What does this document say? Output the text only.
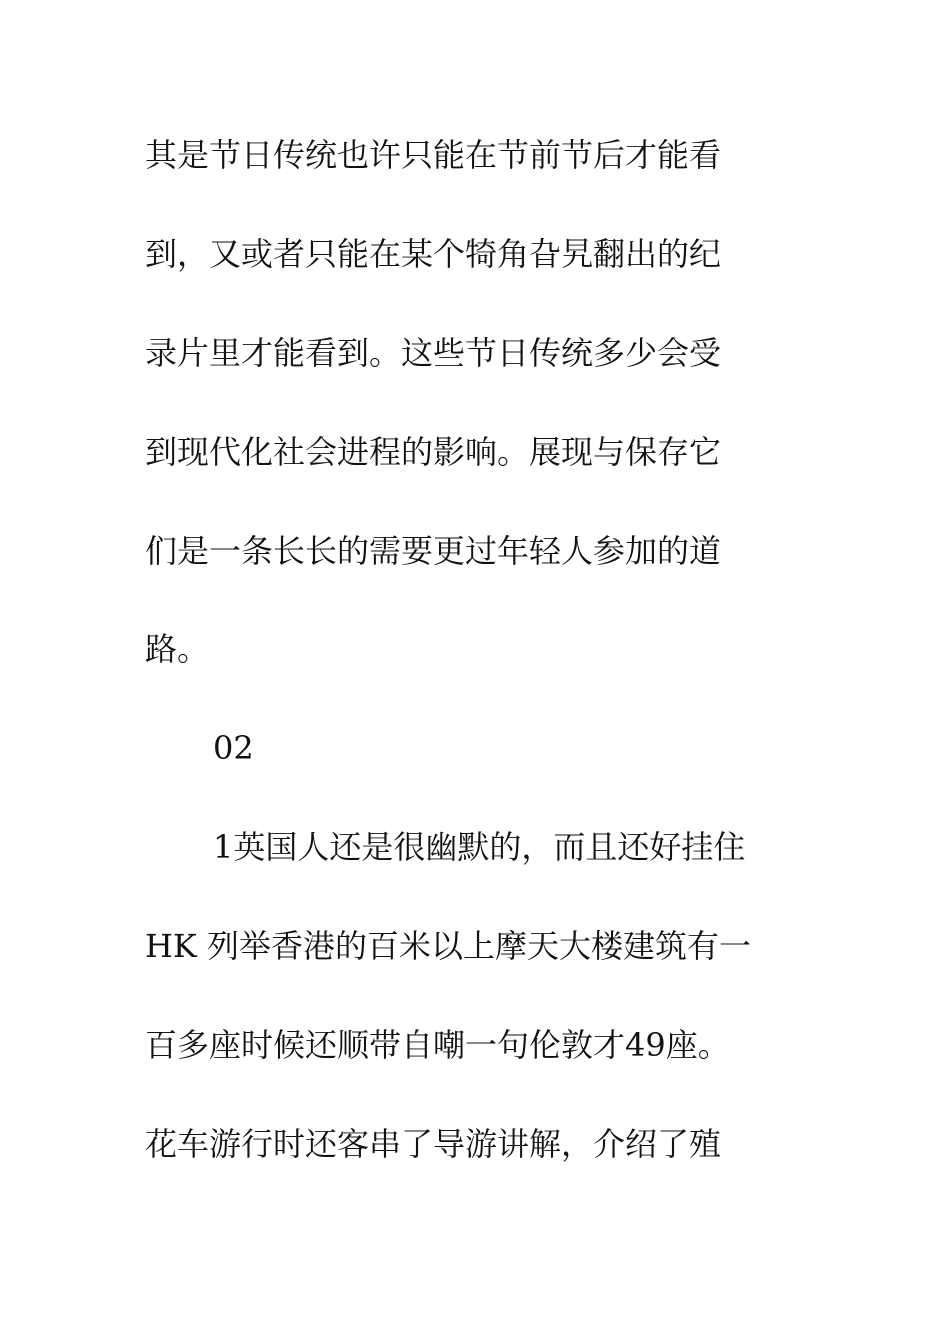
其是节日传统也许只能在节前节后才能看
到，又或者只能在某个犄角旮旯翻出的纪
录片里才能看到。这些节日传统多少会受
到现代化社会进程的影响。展现与保存它
们是一条长长的需要更过年轻人参加的道
路。
02
1英国人还是很幽默的，而且还好挂住
HK 列举香港的百米以上摩天大楼建筑有一
百多座时候还顺带自嘲一句伦敦才49座。
花车游行时还客串了导游讲解，介绍了殖
